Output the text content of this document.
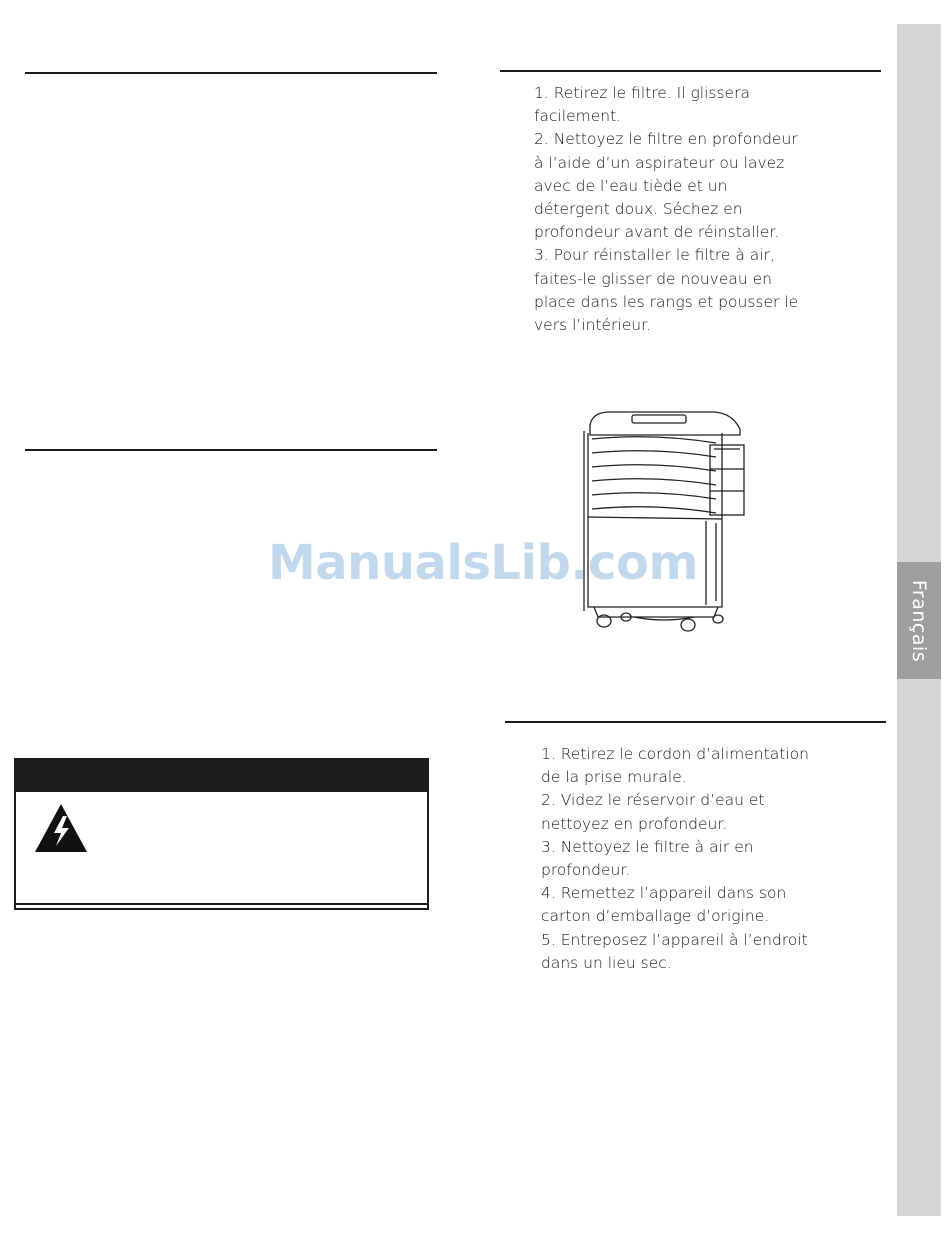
1. Retirez le filtre. Il glissera facilement.
2. Nettoyez le filtre en profondeur à l’aide d’un aspirateur ou lavez avec de l’eau tiède et un détergent doux. Séchez en profondeur avant de réinstaller.
3. Pour réinstaller le filtre à air, faites-le glisser de nouveau en place dans les rangs et pousser le vers l’intérieur.
ManualsLib.com
1. Retirez le cordon d’alimentation de la prise murale.
2. Videz le réservoir d’eau et nettoyez en profondeur.
3. Nettoyez le filtre à air en profondeur.
4. Remettez l’appareil dans son carton d’emballage d’origine.
5. Entreposez l’appareil à l’endroit dans un lieu sec.
Français
